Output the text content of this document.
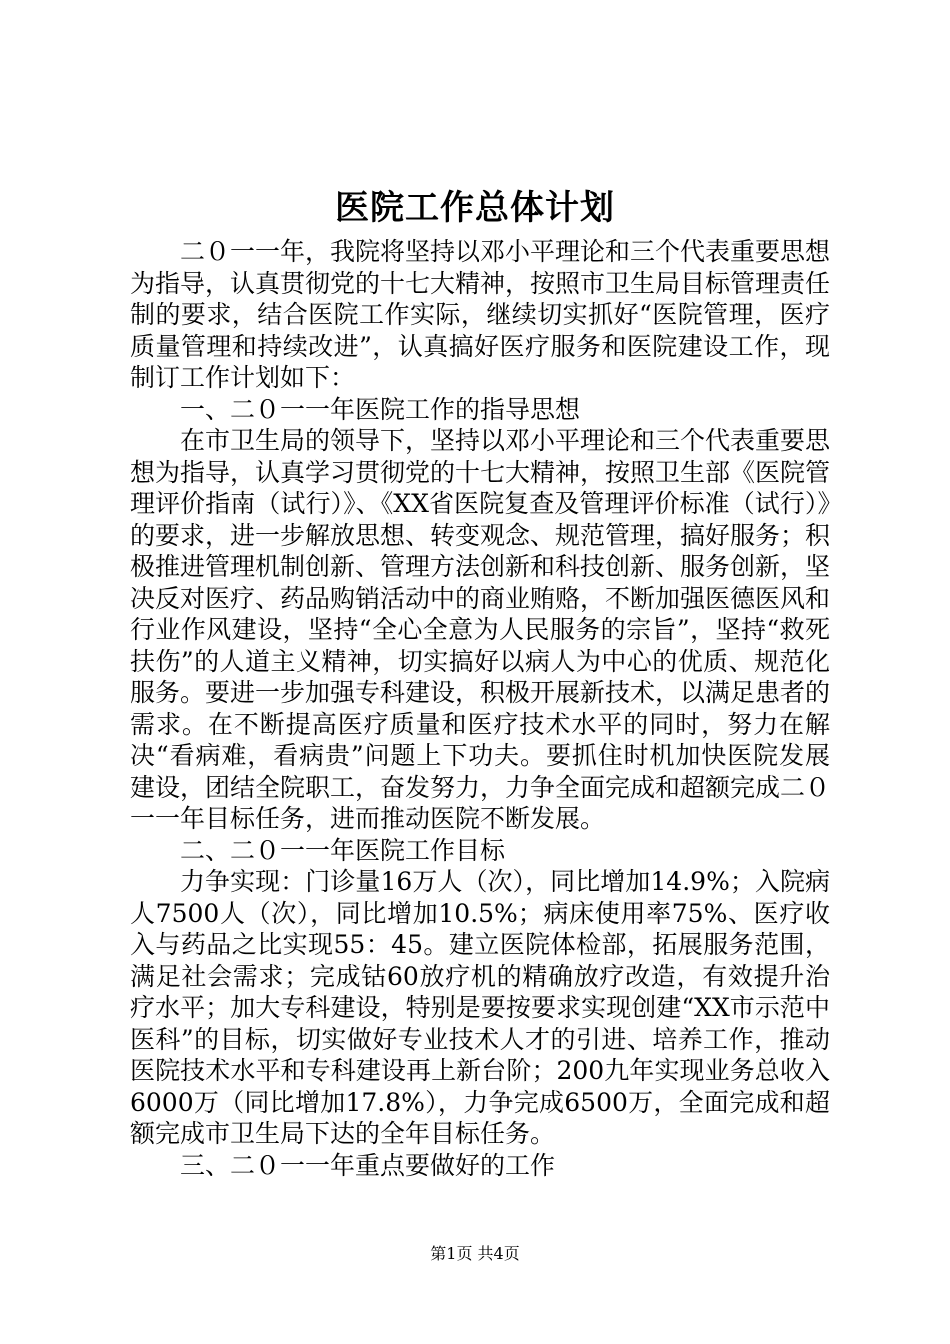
医院工作总体计划

二０一一年，我院将坚持以邓小平理论和三个代表重要思想为指导，认真贯彻党的十七大精神，按照市卫生局目标管理责任制的要求，结合医院工作实际，继续切实抓好“医院管理，医疗质量管理和持续改进”，认真搞好医疗服务和医院建设工作，现制订工作计划如下：

一、二０一一年医院工作的指导思想

在市卫生局的领导下，坚持以邓小平理论和三个代表重要思想为指导，认真学习贯彻党的十七大精神，按照卫生部《医院管理评价指南（试行）》、《XX省医院复查及管理评价标准（试行）》的要求，进一步解放思想、转变观念、规范管理，搞好服务；积极推进管理机制创新、管理方法创新和科技创新、服务创新，坚决反对医疗、药品购销活动中的商业贿赂，不断加强医德医风和行业作风建设，坚持“全心全意为人民服务的宗旨”，坚持“救死扶伤”的人道主义精神，切实搞好以病人为中心的优质、规范化服务。要进一步加强专科建设，积极开展新技术，以满足患者的需求。在不断提高医疗质量和医疗技术水平的同时，努力在解决“看病难，看病贵”问题上下功夫。要抓住时机加快医院发展建设，团结全院职工，奋发努力，力争全面完成和超额完成二０一一年目标任务，进而推动医院不断发展。

二、二０一一年医院工作目标

力争实现：门诊量16万人（次），同比增加14.9%；入院病人7500人（次），同比增加10.5%；病床使用率75%、医疗收入与药品之比实现55：45。建立医院体检部，拓展服务范围，满足社会需求；完成钴60放疗机的精确放疗改造，有效提升治疗水平；加大专科建设，特别是要按要求实现创建“XX市示范中医科”的目标，切实做好专业技术人才的引进、培养工作，推动医院技术水平和专科建设再上新台阶；200九年实现业务总收入6000万（同比增加17.8%），力争完成6500万，全面完成和超额完成市卫生局下达的全年目标任务。

三、二０一一年重点要做好的工作

第1页 共4页
